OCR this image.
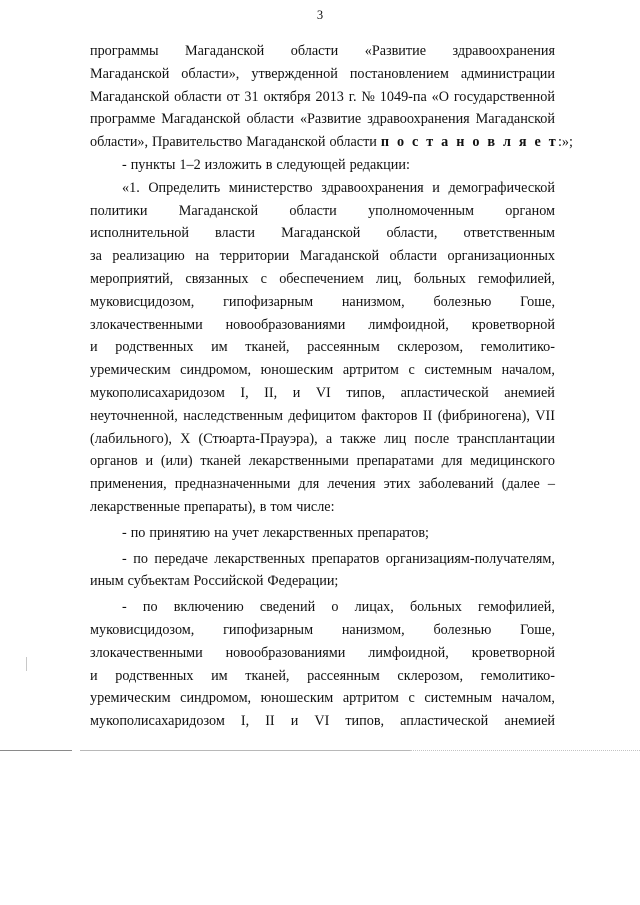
3
программы Магаданской области «Развитие здравоохранения
Магаданской области», утвержденной постановлением администрации
Магаданской области от 31 октября 2013 г. № 1049-па «О государственной
программе Магаданской области «Развитие здравоохранения Магаданской
области», Правительство Магаданской области п о с т а н о в л я е т :»;
- пункты 1–2 изложить в следующей редакции:
«1. Определить министерство здравоохранения и демографической
политики Магаданской области уполномоченным органом
исполнительной власти Магаданской области, ответственным
за реализацию на территории Магаданской области организационных
мероприятий, связанных с обеспечением лиц, больных гемофилией,
муковисцидозом, гипофизарным нанизмом, болезнью Гоше,
злокачественными новообразованиями лимфоидной, кроветворной
и родственных им тканей, рассеянным склерозом, гемолитико-
уремическим синдромом, юношеским артритом с системным началом,
мукополисахаридозом I, II, и VI типов, апластической анемией
неуточненной, наследственным дефицитом факторов II (фибриногена), VII
(лабильного), X (Стюарта-Прауэра), а также лиц после трансплантации
органов и (или) тканей лекарственными препаратами для медицинского
применения, предназначенными для лечения этих заболеваний (далее –
лекарственные препараты), в том числе:
- по принятию на учет лекарственных препаратов;
- по передаче лекарственных препаратов организациям-получателям,
иным субъектам Российской Федерации;
- по включению сведений о лицах, больных гемофилией,
муковисцидозом, гипофизарным нанизмом, болезнью Гоше,
злокачественными новообразованиями лимфоидной, кроветворной
и родственных им тканей, рассеянным склерозом, гемолитико-
уремическим синдромом, юношеским артритом с системным началом,
мукополисахаридозом I, II и VI типов, апластической анемией
